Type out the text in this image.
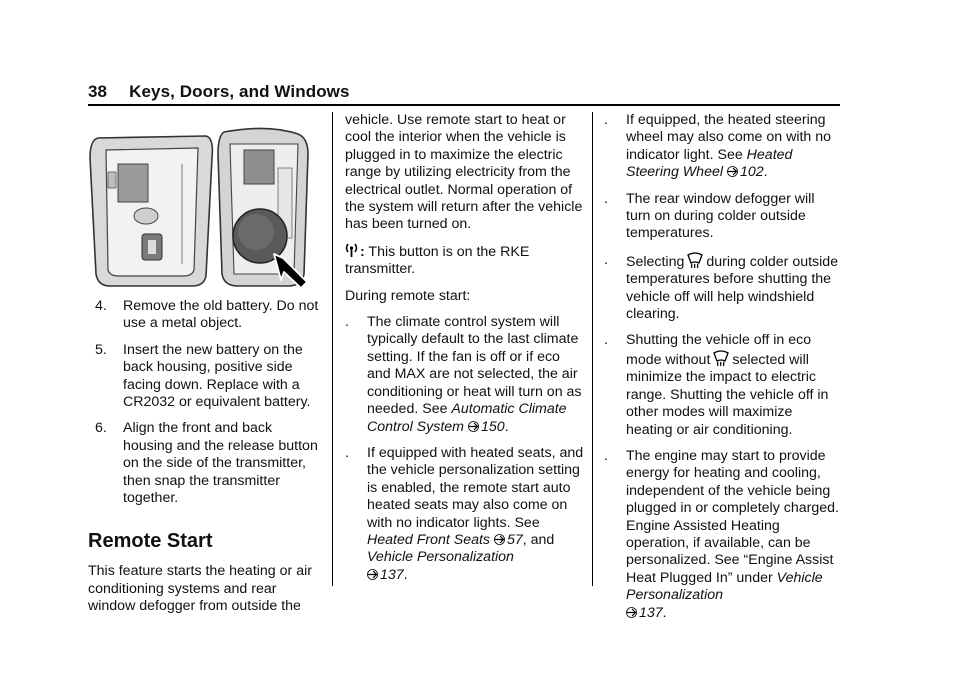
38 Keys, Doors, and Windows
4.	Remove the old battery. Do not use a metal object.
5.	Insert the new battery on the back housing, positive side facing down. Replace with a CR2032 or equivalent battery.
6.	Align the front and back housing and the release button on the side of the transmitter, then snap the transmitter together.
Remote Start

This feature starts the heating or air conditioning systems and rear window defogger from outside the

vehicle. Use remote start to heat or cool the interior when the vehicle is plugged in to maximize the electric range by utilizing electricity from the electrical outlet. Normal operation of the system will return after the vehicle has been turned on.

: This button is on the RKE transmitter.

During remote start:

.	The climate control system will typically default to the last climate setting. If the fan is off or if eco and MAX are not selected, the air conditioning or heat will turn on as needed. See Automatic Climate Control System 150.
.	If equipped with heated seats, and the vehicle personalization setting is enabled, the remote start auto heated seats may also come on with no indicator lights. See Heated Front Seats 57, and Vehicle Personalization
137.
.	If equipped, the heated steering wheel may also come on with no indicator light. See Heated Steering Wheel 102.
.	The rear window defogger will turn on during colder outside temperatures.
.	Selecting during colder outside temperatures before shutting the vehicle off will help windshield clearing.
.	Shutting the vehicle off in eco mode without selected will minimize the impact to electric range. Shutting the vehicle off in other modes will maximize heating or air conditioning.
.	The engine may start to provide energy for heating and cooling, independent of the vehicle being plugged in or completely charged. Engine Assisted Heating operation, if available, can be personalized. See “Engine Assist Heat Plugged In” under Vehicle Personalization
137.
